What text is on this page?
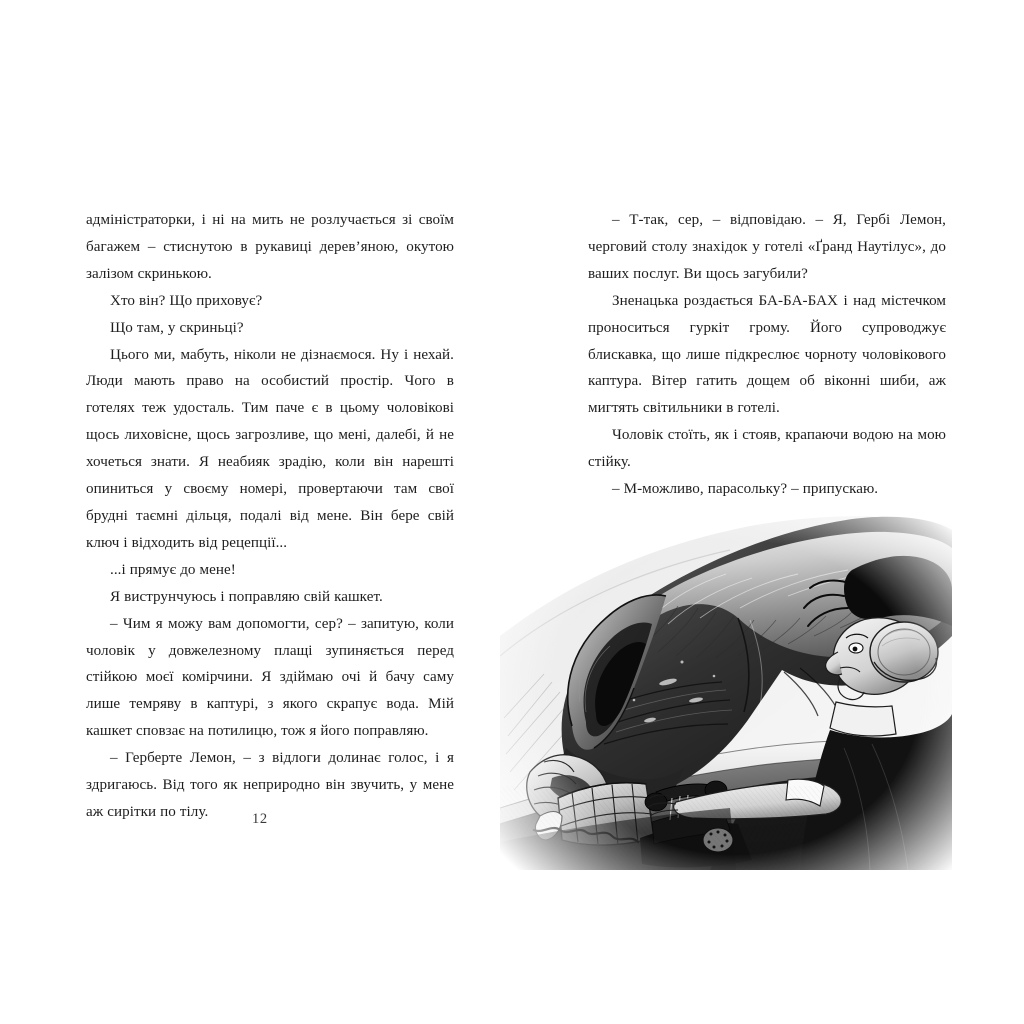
адміністраторки, і ні на мить не розлучається зі своїм багажем – стиснутою в рукавиці дерев’яною, окутою залізом скринькою.

Хто він? Що приховує?

Що там, у скриньці?

Цього ми, мабуть, ніколи не дізнаємося. Ну і нехай. Люди мають право на особистий простір. Чого в готелях теж удосталь. Тим паче є в цьому чоловікові щось лиховісне, щось загрозливе, що мені, далебі, й не хочеться знати. Я неабияк зрадію, коли він нарешті опиниться у своєму номері, провертаючи там свої брудні таємні дільця, подалі від мене. Він бере свій ключ і відходить від рецепції...

...і прямує до мене!

Я виструнчуюсь і поправляю свій кашкет.

– Чим я можу вам допомогти, сер? – запитую, коли чоловік у довжелезному плащі зупиняється перед стійкою моєї комірчини. Я здіймаю очі й бачу саму лише темряву в каптурі, з якого скрапує вода. Мій кашкет сповзає на потилицю, тож я його поправляю.

– Герберте Лемон, – з відлоги долинає голос, і я здригаюсь. Від того як неприродно він звучить, у мене аж сирітки по тілу.	12

– Т-так, сер, – відповідаю. – Я, Гербі Лемон, черговий столу знахідок у готелі «Ґранд Наутілус», до ваших послуг. Ви щось загубили?

Зненацька роздається БА-БА-БАХ і над містечком проноситься гуркіт грому. Його супроводжує блискавка, що лише підкреслює чорноту чоловікового каптура. Вітер гатить дощем об віконні шиби, аж мигтять світильники в готелі.

Чоловік стоїть, як і стояв, крапаючи водою на мою стійку.

– М-можливо, парасольку? – припускаю.
